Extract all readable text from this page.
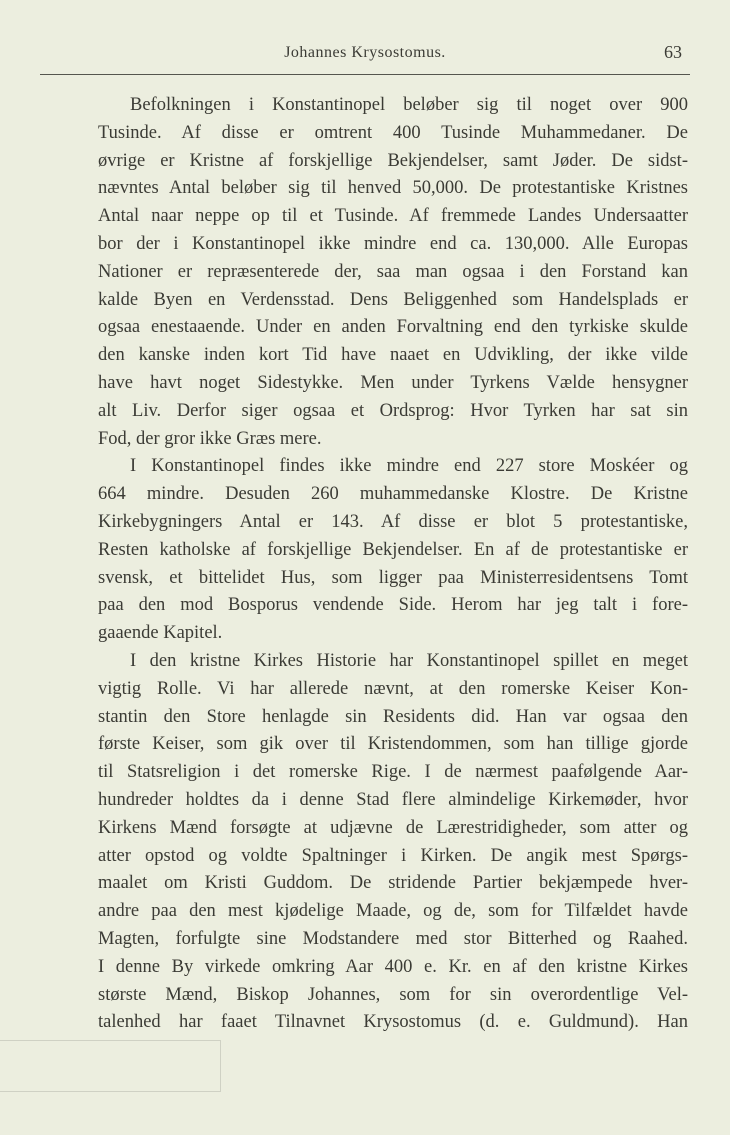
Johannes Krysostomus.	63
Befolkningen i Konstantinopel beløber sig til noget over 900
Tusinde. Af disse er omtrent 400 Tusinde Muhammedaner. De
øvrige er Kristne af forskjellige Bekjendelser, samt Jøder. De sidst-
nævntes Antal beløber sig til henved 50,000. De protestantiske Kristnes
Antal naar neppe op til et Tusinde. Af fremmede Landes Undersaatter
bor der i Konstantinopel ikke mindre end ca. 130,000. Alle Europas
Nationer er repræsenterede der, saa man ogsaa i den Forstand kan
kalde Byen en Verdensstad. Dens Beliggenhed som Handelsplads er
ogsaa enestaaende. Under en anden Forvaltning end den tyrkiske skulde
den kanske inden kort Tid have naaet en Udvikling, der ikke vilde
have havt noget Sidestykke. Men under Tyrkens Vælde hensygner
alt Liv. Derfor siger ogsaa et Ordsprog: Hvor Tyrken har sat sin
Fod, der gror ikke Græs mere.
I Konstantinopel findes ikke mindre end 227 store Moskéer og
664 mindre. Desuden 260 muhammedanske Klostre. De Kristne
Kirkebygningers Antal er 143. Af disse er blot 5 protestantiske,
Resten katholske af forskjellige Bekjendelser. En af de protestantiske er
svensk, et bittelidet Hus, som ligger paa Ministerresidentsens Tomt
paa den mod Bosporus vendende Side. Herom har jeg talt i fore-
gaaende Kapitel.
I den kristne Kirkes Historie har Konstantinopel spillet en meget
vigtig Rolle. Vi har allerede nævnt, at den romerske Keiser Kon-
stantin den Store henlagde sin Residents did. Han var ogsaa den
første Keiser, som gik over til Kristendommen, som han tillige gjorde
til Statsreligion i det romerske Rige. I de nærmest paafølgende Aar-
hundreder holdtes da i denne Stad flere almindelige Kirkemøder, hvor
Kirkens Mænd forsøgte at udjævne de Lærestridigheder, som atter og
atter opstod og voldte Spaltninger i Kirken. De angik mest Spørgs-
maalet om Kristi Guddom. De stridende Partier bekjæmpede hver-
andre paa den mest kjødelige Maade, og de, som for Tilfældet havde
Magten, forfulgte sine Modstandere med stor Bitterhed og Raahed.
I denne By virkede omkring Aar 400 e. Kr. en af den kristne Kirkes
største Mænd, Biskop Johannes, som for sin overordentlige Vel-
talenhed har faaet Tilnavnet Krysostomus (d. e. Guldmund). Han
